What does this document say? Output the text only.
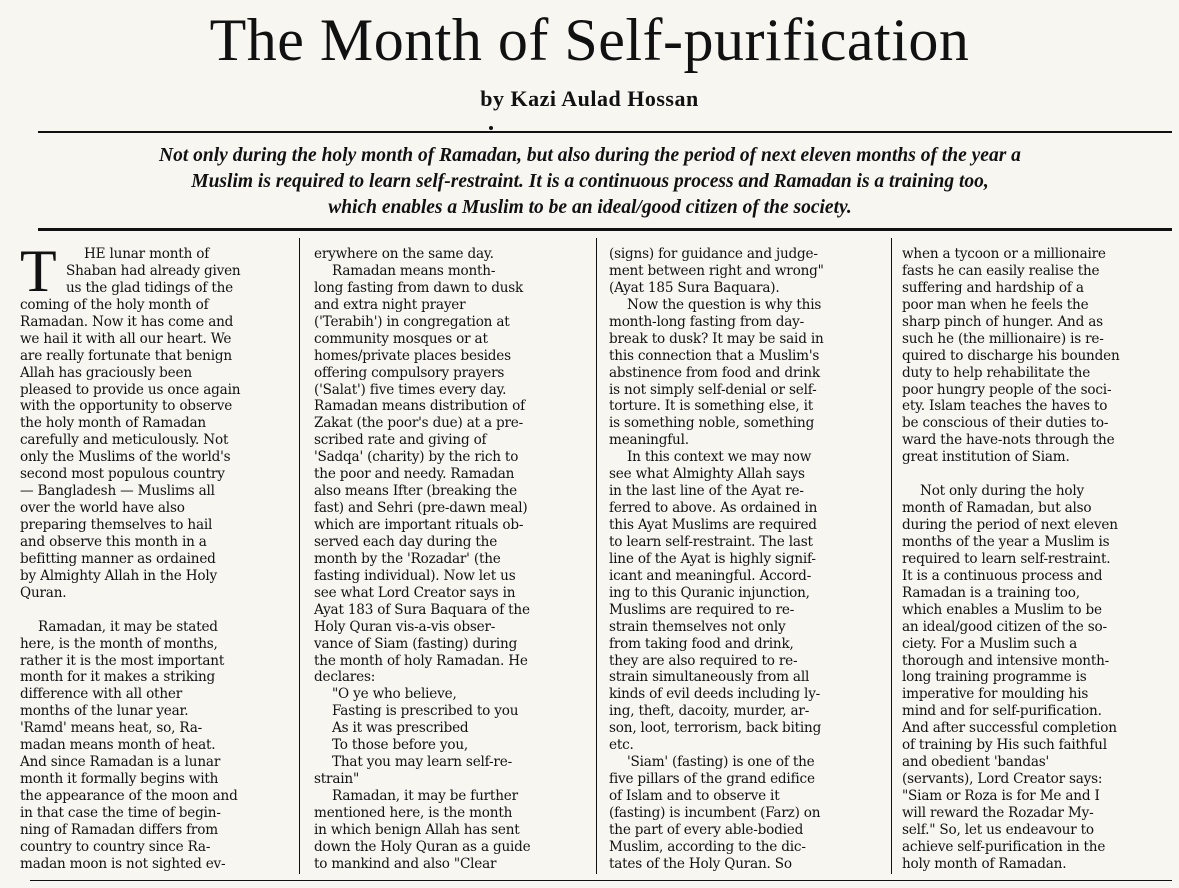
The Month of Self-purification
by Kazi Aulad Hossan
Not only during the holy month of Ramadan, but also during the period of next eleven months of the year a
Muslim is required to learn self-restraint. It is a continuous process and Ramadan is a training too,
which enables a Muslim to be an ideal/good citizen of the society.
T	HE lunar month of
Shaban had already given
us the glad tidings of the
coming of the holy month of
Ramadan. Now it has come and
we hail it with all our heart. We
are really fortunate that benign
Allah has graciously been
pleased to provide us once again
with the opportunity to observe
the holy month of Ramadan
carefully and meticulously. Not
only the Muslims of the world's
second most populous country
— Bangladesh — Muslims all
over the world have also
preparing themselves to hail
and observe this month in a
befitting manner as ordained
by Almighty Allah in the Holy
Quran.
Ramadan, it may be stated
here, is the month of months,
rather it is the most important
month for it makes a striking
difference with all other
months of the lunar year.
'Ramd' means heat, so, Ra-
madan means month of heat.
And since Ramadan is a lunar
month it formally begins with
the appearance of the moon and
in that case the time of begin-
ning of Ramadan differs from
country to country since Ra-
madan moon is not sighted ev-
erywhere on the same day.
Ramadan means month-
long fasting from dawn to dusk
and extra night prayer
('Terabih') in congregation at
community mosques or at
homes/private places besides
offering compulsory prayers
('Salat') five times every day.
Ramadan means distribution of
Zakat (the poor's due) at a pre-
scribed rate and giving of
'Sadqa' (charity) by the rich to
the poor and needy. Ramadan
also means Ifter (breaking the
fast) and Sehri (pre-dawn meal)
which are important rituals ob-
served each day during the
month by the 'Rozadar' (the
fasting individual). Now let us
see what Lord Creator says in
Ayat 183 of Sura Baquara of the
Holy Quran vis-a-vis obser-
vance of Siam (fasting) during
the month of holy Ramadan. He
declares:
"O ye who believe,
Fasting is prescribed to you
As it was prescribed
To those before you,
That you may learn self-re-
strain"
Ramadan, it may be further
mentioned here, is the month
in which benign Allah has sent
down the Holy Quran as a guide
to mankind and also "Clear
(signs) for guidance and judge-
ment between right and wrong"
(Ayat 185 Sura Baquara).
Now the question is why this
month-long fasting from day-
break to dusk? It may be said in
this connection that a Muslim's
abstinence from food and drink
is not simply self-denial or self-
torture. It is something else, it
is something noble, something
meaningful.
In this context we may now
see what Almighty Allah says
in the last line of the Ayat re-
ferred to above. As ordained in
this Ayat Muslims are required
to learn self-restraint. The last
line of the Ayat is highly signif-
icant and meaningful. Accord-
ing to this Quranic injunction,
Muslims are required to re-
strain themselves not only
from taking food and drink,
they are also required to re-
strain simultaneously from all
kinds of evil deeds including ly-
ing, theft, dacoity, murder, ar-
son, loot, terrorism, back biting
etc.
'Siam' (fasting) is one of the
five pillars of the grand edifice
of Islam and to observe it
(fasting) is incumbent (Farz) on
the part of every able-bodied
Muslim, according to the dic-
tates of the Holy Quran. So
when a tycoon or a millionaire
fasts he can easily realise the
suffering and hardship of a
poor man when he feels the
sharp pinch of hunger. And as
such he (the millionaire) is re-
quired to discharge his bounden
duty to help rehabilitate the
poor hungry people of the soci-
ety. Islam teaches the haves to
be conscious of their duties to-
ward the have-nots through the
great institution of Siam.
Not only during the holy
month of Ramadan, but also
during the period of next eleven
months of the year a Muslim is
required to learn self-restraint.
It is a continuous process and
Ramadan is a training too,
which enables a Muslim to be
an ideal/good citizen of the so-
ciety. For a Muslim such a
thorough and intensive month-
long training programme is
imperative for moulding his
mind and for self-purification.
And after successful completion
of training by His such faithful
and obedient 'bandas'
(servants), Lord Creator says:
"Siam or Roza is for Me and I
will reward the Rozadar My-
self." So, let us endeavour to
achieve self-purification in the
holy month of Ramadan.
